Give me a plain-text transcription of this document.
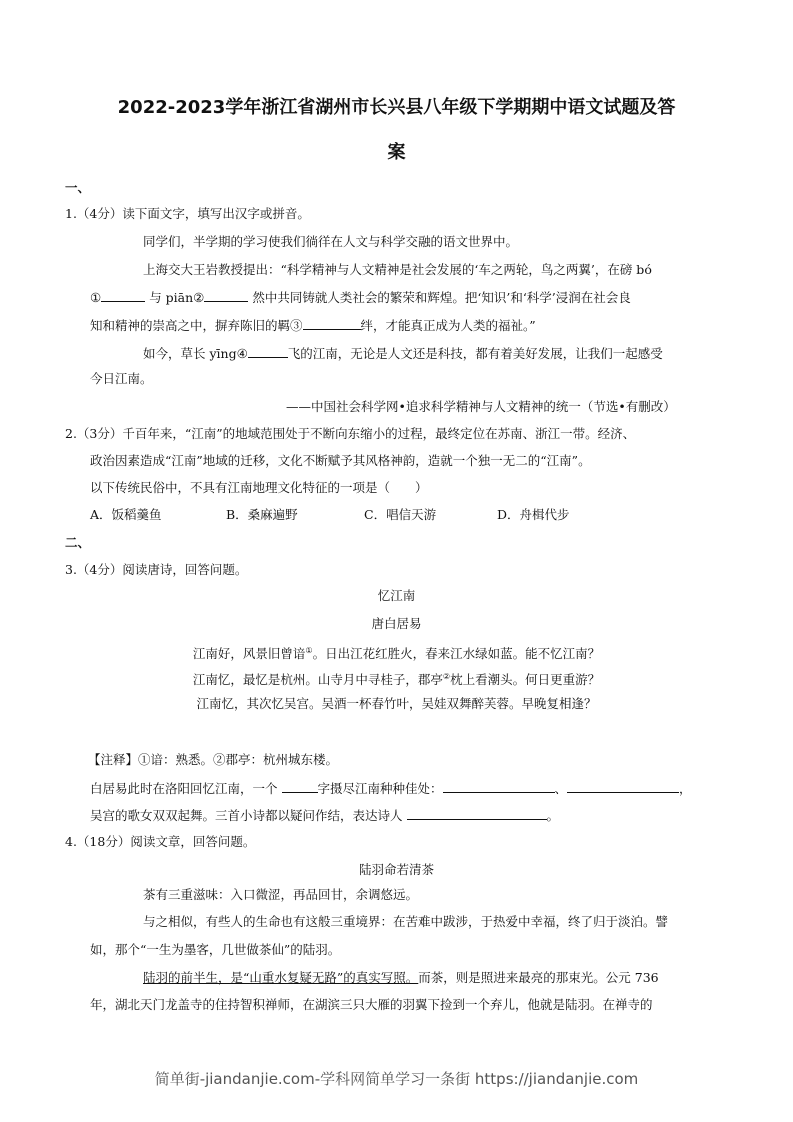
2022-2023学年浙江省湖州市长兴县八年级下学期期中语文试题及答
案
一、
1.（4分）读下面文字，填写出汉字或拼音。
同学们，半学期的学习使我们徜徉在人文与科学交融的语文世界中。
上海交大王岩教授提出：“科学精神与人文精神是社会发展的‘车之两轮，鸟之两翼’，在磅 bó
①	与 piān②	然中共同铸就人类社会的繁荣和辉煌。把‘知识’和‘科学’浸润在社会良
知和精神的崇高之中，摒弃陈旧的羁③	绊，才能真正成为人类的福祉。”
如今，草长 yīng④	飞的江南，无论是人文还是科技，都有着美好发展，让我们一起感受
今日江南。
——中国社会科学网•追求科学精神与人文精神的统一（节选•有删改）
2.（3分）千百年来，“江南”的地域范围处于不断向东缩小的过程，最终定位在苏南、浙江一带。经济、
政治因素造成“江南”地域的迁移，文化不断赋予其风格神韵，造就一个独一无二的“江南”。
以下传统民俗中，不具有江南地理文化特征的一项是（　　）
A．饭稻羹鱼	B．桑麻遍野	C．唱信天游	D．舟楫代步
二、
3.（4分）阅读唐诗，回答问题。
忆江南
唐白居易
江南好，风景旧曾谙①。日出江花红胜火，春来江水绿如蓝。能不忆江南？
江南忆，最忆是杭州。山寺月中寻桂子，郡亭②枕上看潮头。何日更重游？
江南忆，其次忆吴宫。吴酒一杯春竹叶，吴娃双舞醉芙蓉。早晚复相逢？
【注释】①谙：熟悉。②郡亭：杭州城东楼。
白居易此时在洛阳回忆江南，一个	字摄尽江南种种佳处：	、	，
吴宫的歌女双双起舞。三首小诗都以疑问作结，表达诗人	。
4.（18分）阅读文章，回答问题。
陆羽命若清茶
茶有三重滋味：入口微涩，再品回甘，余调悠远。
与之相似，有些人的生命也有这般三重境界：在苦难中跋涉，于热爱中幸福，终了归于淡泊。譬
如，那个“一生为墨客，几世做茶仙”的陆羽。
陆羽的前半生，是“山重水复疑无路”的真实写照。而茶，则是照进来最亮的那束光。公元 736
年，湖北天门龙盖寺的住持智积禅师，在湖滨三只大雁的羽翼下捡到一个弃儿，他就是陆羽。在禅寺的
简单街-jiandanjie.com-学科网简单学习一条街 https://jiandanjie.com
